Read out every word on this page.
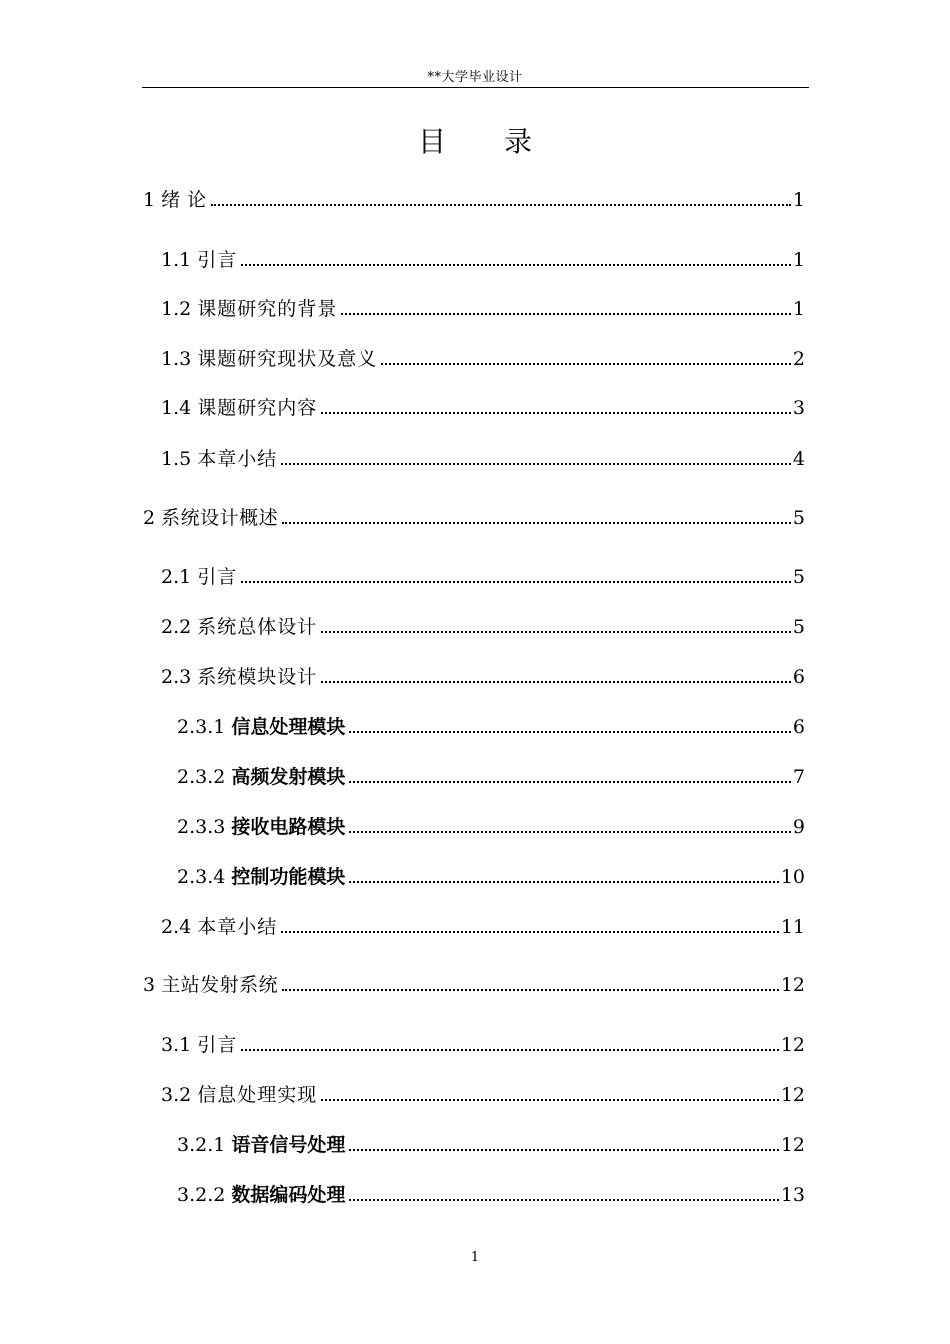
**大学毕业设计
目录
1 绪 论	1
1.1 引言	1
1.2 课题研究的背景	1
1.3 课题研究现状及意义	2
1.4 课题研究内容	3
1.5 本章小结	4
2 系统设计概述	5
2.1 引言	5
2.2 系统总体设计	5
2.3 系统模块设计	6
2.3.1 信息处理模块	6
2.3.2 高频发射模块	7
2.3.3 接收电路模块	9
2.3.4 控制功能模块	10
2.4 本章小结	11
3 主站发射系统	12
3.1 引言	12
3.2 信息处理实现	12
3.2.1 语音信号处理	12
3.2.2 数据编码处理	13
1
